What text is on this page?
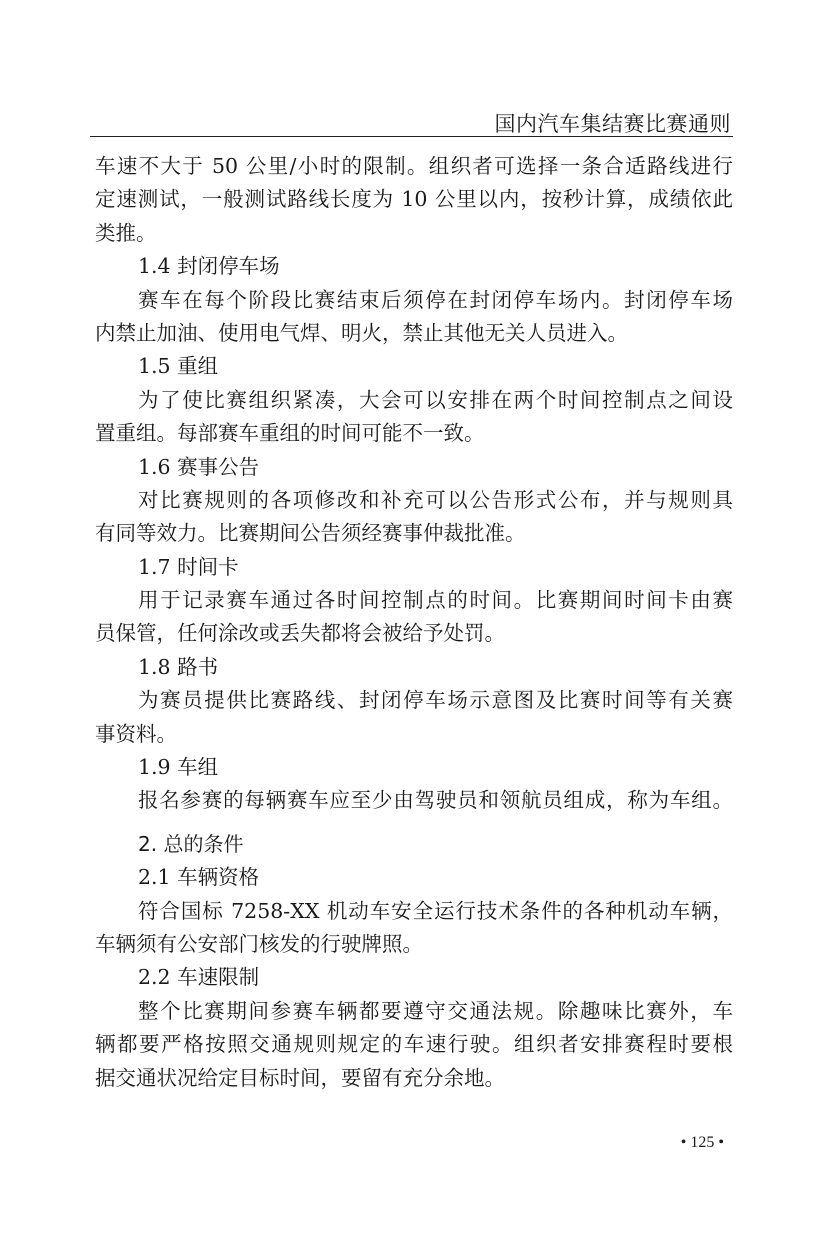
国内汽车集结赛比赛通则
车速不大于 50 公里/小时的限制。组织者可选择一条合适路线进行
定速测试，一般测试路线长度为 10 公里以内，按秒计算，成绩依此
类推。
1.4 封闭停车场
赛车在每个阶段比赛结束后须停在封闭停车场内。封闭停车场
内禁止加油、使用电气焊、明火，禁止其他无关人员进入。
1.5 重组
为了使比赛组织紧凑，大会可以安排在两个时间控制点之间设
置重组。每部赛车重组的时间可能不一致。
1.6 赛事公告
对比赛规则的各项修改和补充可以公告形式公布，并与规则具
有同等效力。比赛期间公告须经赛事仲裁批准。
1.7 时间卡
用于记录赛车通过各时间控制点的时间。比赛期间时间卡由赛
员保管，任何涂改或丢失都将会被给予处罚。
1.8 路书
为赛员提供比赛路线、封闭停车场示意图及比赛时间等有关赛
事资料。
1.9 车组
报名参赛的每辆赛车应至少由驾驶员和领航员组成，称为车组。
2. 总的条件
2.1 车辆资格
符合国标 7258-XX 机动车安全运行技术条件的各种机动车辆，
车辆须有公安部门核发的行驶牌照。
2.2 车速限制
整个比赛期间参赛车辆都要遵守交通法规。除趣味比赛外，车
辆都要严格按照交通规则规定的车速行驶。组织者安排赛程时要根
据交通状况给定目标时间，要留有充分余地。
• 125 •
